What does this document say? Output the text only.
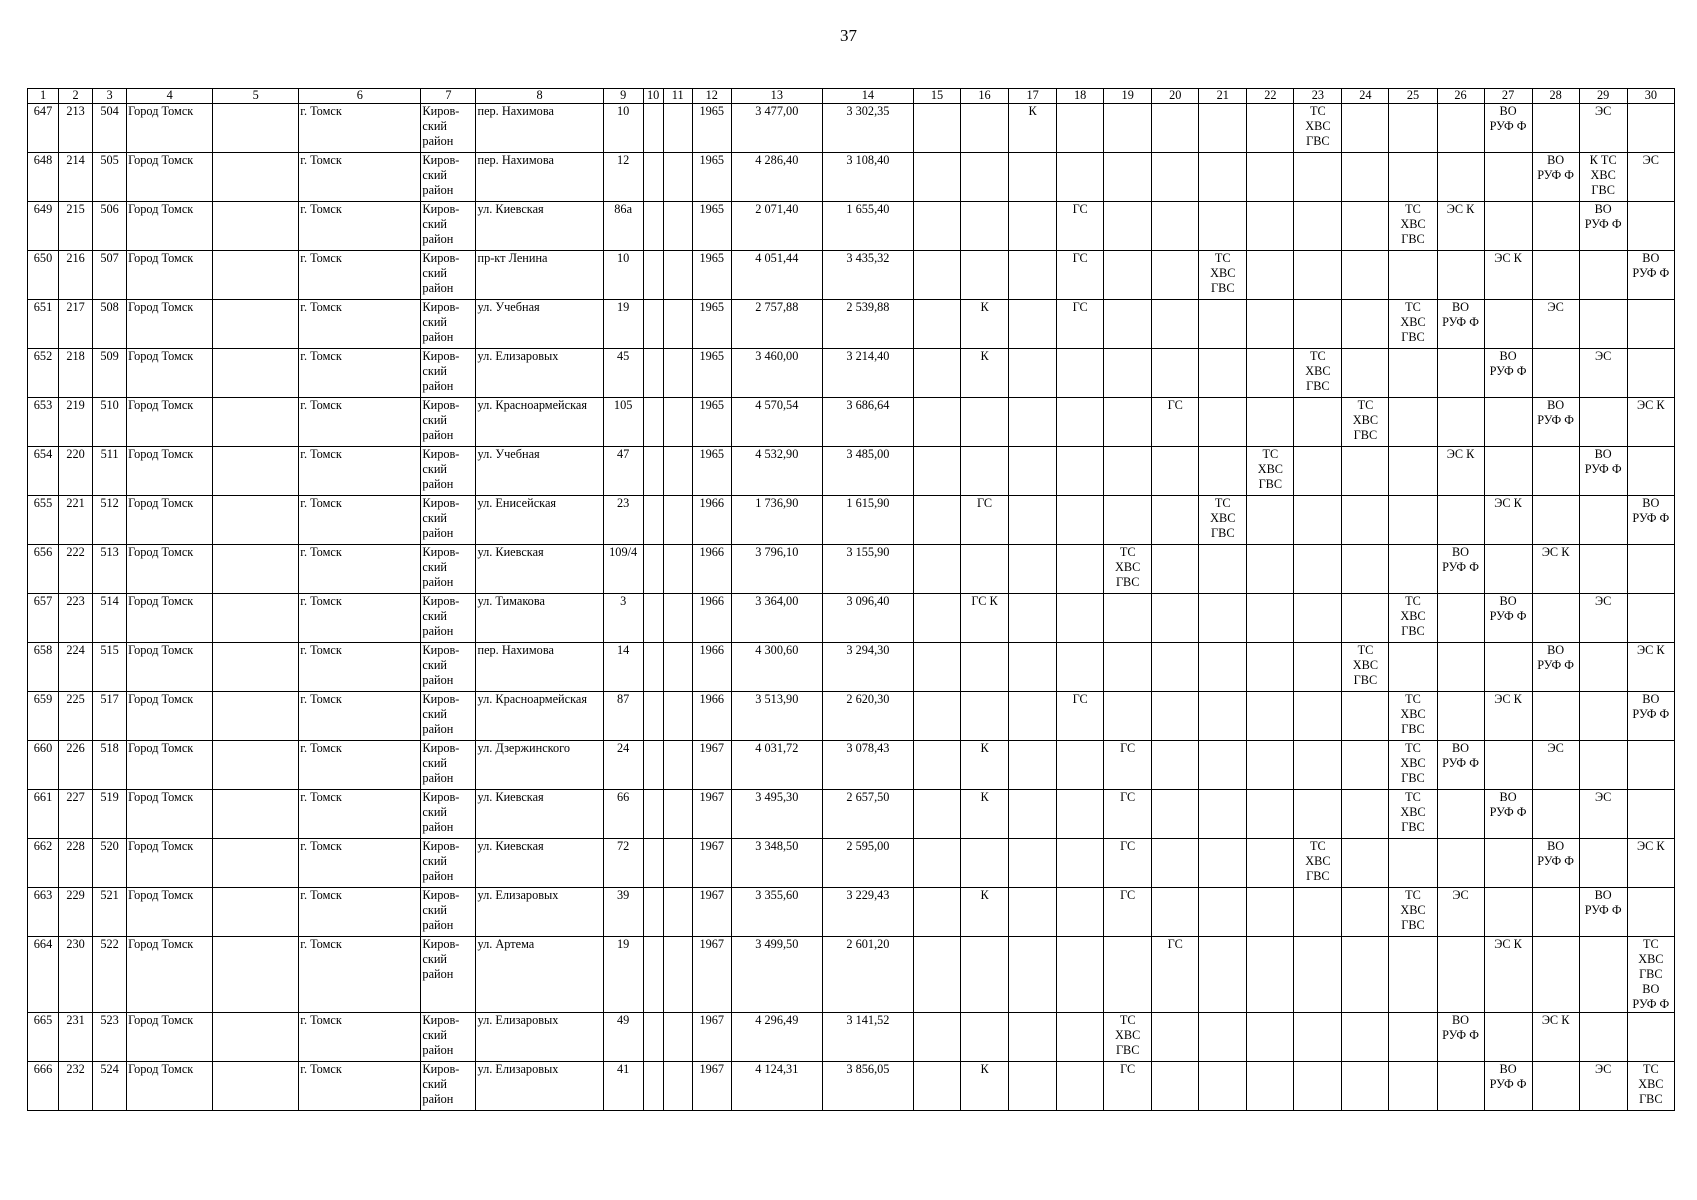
37
1	2	3	4	5	6	7	8	9	10	11	12	13	14	15	16	17	18	19	20	21	22	23	24	25	26	27	28	29	30
647	213	504	Город Томск		г. Томск	Киров-
ский
район	пер. Нахимова	10			1965	3 477,00	3 302,35			К						ТС
ХВС
ГВС				ВО
РУФ Ф		ЭС	
648	214	505	Город Томск		г. Томск	Киров-
ский
район	пер. Нахимова	12			1965	4 286,40	3 108,40														ВО
РУФ Ф	К ТС
ХВС
ГВС	ЭС
649	215	506	Город Томск		г. Томск	Киров-
ский
район	ул. Киевская	86а			1965	2 071,40	1 655,40				ГС							ТС
ХВС
ГВС	ЭС К			ВО
РУФ Ф	
650	216	507	Город Томск		г. Томск	Киров-
ский
район	пр-кт Ленина	10			1965	4 051,44	3 435,32				ГС			ТС
ХВС
ГВС						ЭС К			ВО
РУФ Ф
651	217	508	Город Томск		г. Томск	Киров-
ский
район	ул. Учебная	19			1965	2 757,88	2 539,88		К		ГС							ТС
ХВС
ГВС	ВО
РУФ Ф		ЭС		
652	218	509	Город Томск		г. Томск	Киров-
ский
район	ул. Елизаровых	45			1965	3 460,00	3 214,40		К							ТС
ХВС
ГВС				ВО
РУФ Ф		ЭС	
653	219	510	Город Томск		г. Томск	Киров-
ский
район	ул. Красноармейская	105			1965	4 570,54	3 686,64						ГС				ТС
ХВС
ГВС				ВО
РУФ Ф		ЭС К
654	220	511	Город Томск		г. Томск	Киров-
ский
район	ул. Учебная	47			1965	4 532,90	3 485,00								ТС
ХВС
ГВС				ЭС К			ВО
РУФ Ф	
655	221	512	Город Томск		г. Томск	Киров-
ский
район	ул. Енисейская	23			1966	1 736,90	1 615,90		ГС					ТС
ХВС
ГВС						ЭС К			ВО
РУФ Ф
656	222	513	Город Томск		г. Томск	Киров-
ский
район	ул. Киевская	109/4			1966	3 796,10	3 155,90					ТС
ХВС
ГВС							ВО
РУФ Ф		ЭС К		
657	223	514	Город Томск		г. Томск	Киров-
ский
район	ул. Тимакова	3			1966	3 364,00	3 096,40		ГС К									ТС
ХВС
ГВС		ВО
РУФ Ф		ЭС	
658	224	515	Город Томск		г. Томск	Киров-
ский
район	пер. Нахимова	14			1966	4 300,60	3 294,30										ТС
ХВС
ГВС				ВО
РУФ Ф		ЭС К
659	225	517	Город Томск		г. Томск	Киров-
ский
район	ул. Красноармейская	87			1966	3 513,90	2 620,30				ГС							ТС
ХВС
ГВС		ЭС К			ВО
РУФ Ф
660	226	518	Город Томск		г. Томск	Киров-
ский
район	ул. Дзержинского	24			1967	4 031,72	3 078,43		К			ГС						ТС
ХВС
ГВС	ВО
РУФ Ф		ЭС		
661	227	519	Город Томск		г. Томск	Киров-
ский
район	ул. Киевская	66			1967	3 495,30	2 657,50		К			ГС						ТС
ХВС
ГВС		ВО
РУФ Ф		ЭС	
662	228	520	Город Томск		г. Томск	Киров-
ский
район	ул. Киевская	72			1967	3 348,50	2 595,00					ГС				ТС
ХВС
ГВС					ВО
РУФ Ф		ЭС К
663	229	521	Город Томск		г. Томск	Киров-
ский
район	ул. Елизаровых	39			1967	3 355,60	3 229,43		К			ГС						ТС
ХВС
ГВС	ЭС			ВО
РУФ Ф	
664	230	522	Город Томск		г. Томск	Киров-
ский
район	ул. Артема	19			1967	3 499,50	2 601,20						ГС							ЭС К			ТС
ХВС
ГВС
ВО
РУФ Ф
665	231	523	Город Томск		г. Томск	Киров-
ский
район	ул. Елизаровых	49			1967	4 296,49	3 141,52					ТС
ХВС
ГВС							ВО
РУФ Ф		ЭС К		
666	232	524	Город Томск		г. Томск	Киров-
ский
район	ул. Елизаровых	41			1967	4 124,31	3 856,05		К			ГС								ВО
РУФ Ф		ЭС	ТС
ХВС
ГВС
